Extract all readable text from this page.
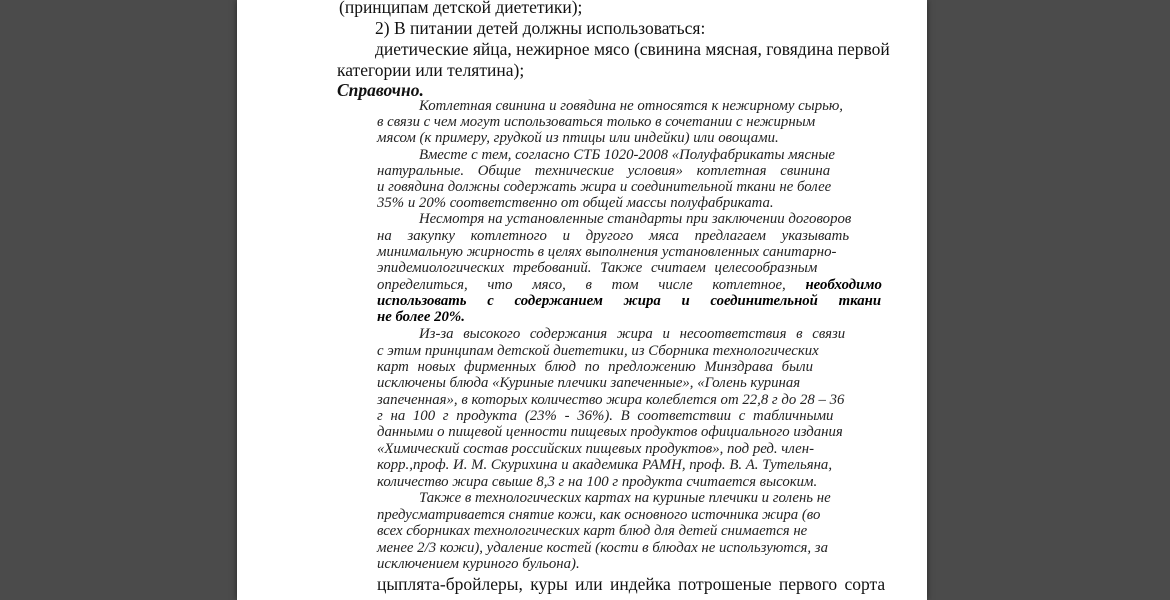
(принципам детской диететики);
2) В питании детей должны использоваться:
диетические яйца, нежирное мясо (свинина мясная, говядина первой
категории или телятина);
Справочно.
Котлетная свинина и говядина не относятся к нежирному сырью,
в связи с чем могут использоваться только в сочетании с нежирным
мясом (к примеру, грудкой из птицы или индейки) или овощами.
Вместе с тем, согласно СТБ 1020-2008 «Полуфабрикаты мясные
натуральные. Общие технические условия» котлетная свинина
и говядина должны содержать жира и соединительной ткани не более
35% и 20% соответственно от общей массы полуфабриката.
Несмотря на установленные стандарты при заключении договоров
на закупку котлетного и другого мяса предлагаем указывать
минимальную жирность в целях выполнения установленных санитарно-
эпидемиологических требований. Также считаем целесообразным
определиться, что мясо, в том числе котлетное, необходимо
использовать с содержанием жира и соединительной ткани
не более 20%.
Из-за высокого содержания жира и несоответствия в связи
с этим принципам детской диететики, из Сборника технологических
карт новых фирменных блюд по предложению Минздрава были
исключены блюда «Куриные плечики запеченные», «Голень куриная
запеченная», в которых количество жира колеблется от 22,8 г до 28 – 36
г на 100 г продукта (23% - 36%). В соответствии с табличными
данными о пищевой ценности пищевых продуктов официального издания
«Химический состав российских пищевых продуктов», под ред. член-
корр.,проф. И. М. Скурихина и академика РАМН, проф. В. А. Тутельяна,
количество жира свыше 8,3 г на 100 г продукта считается высоким.
Также в технологических картах на куриные плечики и голень не
предусматривается снятие кожи, как основного источника жира (во
всех сборниках технологических карт блюд для детей снимается не
менее 2/3 кожи), удаление костей (кости в блюдах не используются, за
исключением куриного бульона).
цыплята-бройлеры, куры или индейка потрошеные первого сорта
